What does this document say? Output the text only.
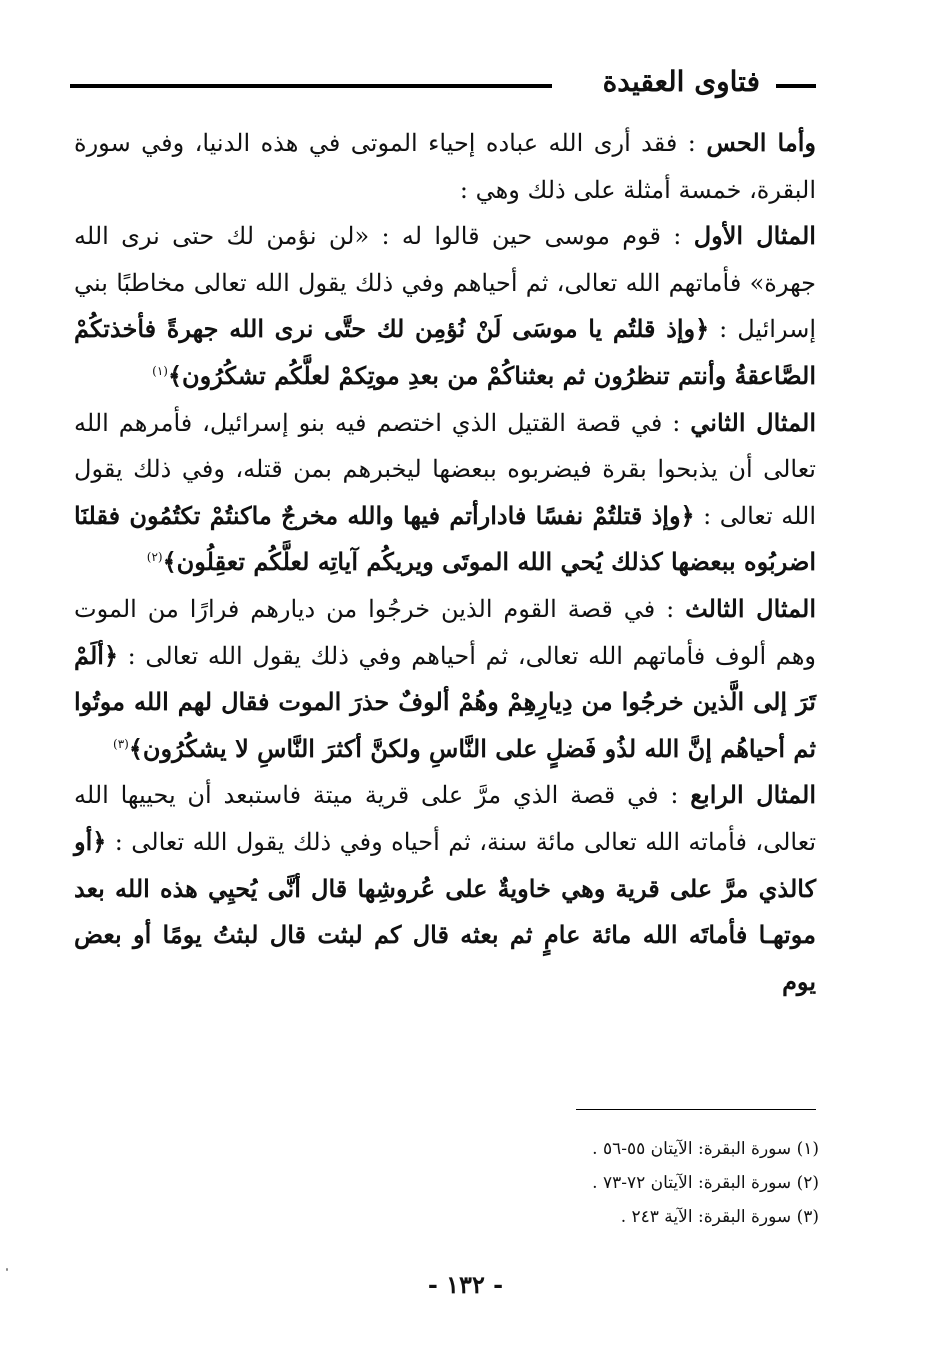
فتاوى العقيدة

وأما الحس : فقد أرى الله عباده إحياء الموتى في هذه الدنيا، وفي سورة البقرة، خمسة أمثلة على ذلك وهي :

المثال الأول : قوم موسى حين قالوا له : «لن نؤمن لك حتى نرى الله جهرة» فأماتهم الله تعالى، ثم أحياهم وفي ذلك يقول الله تعالى مخاطبًا بني إسرائيل : ﴿وإذ قلتُم يا موسَى لَنْ نُؤمِن لك حتَّى نرى الله جهرةً فأخذتكُمْ الصَّاعقةُ وأنتم تنظرُون ثم بعثناكُمْ من بعدِ موتِكمْ لعلَّكُم تشكُرُون﴾$^{(١)}$

المثال الثاني : في قصة القتيل الذي اختصم فيه بنو إسرائيل، فأمرهم الله تعالى أن يذبحوا بقرة فيضربوه ببعضها ليخبرهم بمن قتله، وفي ذلك يقول الله تعالى : ﴿وإذ قتلتُمْ نفسًا فادارأتم فيها والله مخرجٌ ماكنتُمْ تكتُمُون فقلنَا اضربُوه ببعضها كذلك يُحي الله الموتَى ويريكُم آياتِه لعلَّكُم تعقِلُون﴾$^{(٢)}$

المثال الثالث : في قصة القوم الذين خرجُوا من ديارهم فرارًا من الموت وهم ألوف فأماتهم الله تعالى، ثم أحياهم وفي ذلك يقول الله تعالى : ﴿ألَمْ تَرَ إلى الَّذين خرجُوا من دِيارِهِمْ وهُمْ ألوفٌ حذرَ الموت فقال لهم الله موتُوا ثم أحياهُم إنَّ الله لذُو فَضلٍ على النَّاسِ ولكنَّ أكثرَ النَّاسِ لا يشكُرُون﴾$^{(٣)}$

المثال الرابع : في قصة الذي مرَّ على قرية ميتة فاستبعد أن يحييها الله تعالى، فأماته الله تعالى مائة سنة، ثم أحياه وفي ذلك يقول الله تعالى : ﴿أو كالذي مرَّ على قرية وهي خاويةٌ على عُروشِها قال أنَّى يُحيِي هذه الله بعد موتهـا فأماتَه الله مائة عامٍ ثم بعثه قال كم لبثت قال لبثتُ يومًا أو بعض يوم

(١) سورة البقرة: الآيتان ٥٥-٥٦ .

(٢) سورة البقرة: الآيتان ٧٢-٧٣ .

(٣) سورة البقرة: الآية ٢٤٣ .

- ١٣٢ -
